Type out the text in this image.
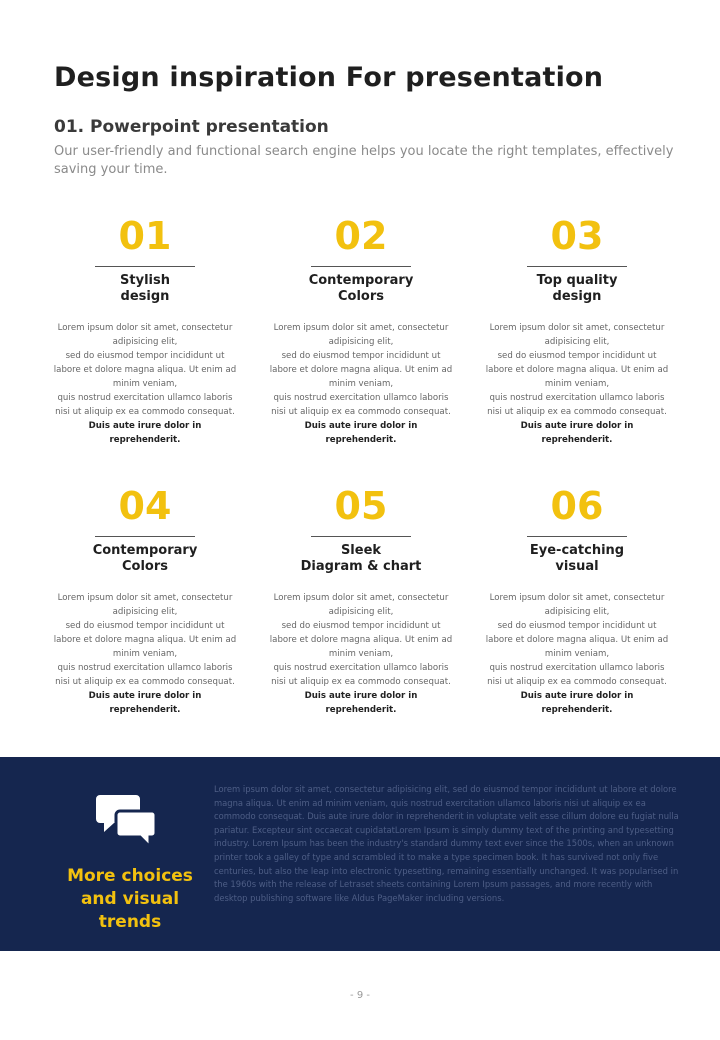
Design inspiration For presentation
01. Powerpoint presentation
Our user-friendly and functional search engine helps you locate the right templates, effectively saving your time.
01
Stylish
design
Lorem ipsum dolor sit amet, consectetur adipisicing elit,
sed do eiusmod tempor incididunt ut labore et dolore magna aliqua. Ut enim ad minim veniam,
quis nostrud exercitation ullamco laboris nisi ut aliquip ex ea commodo consequat.
Duis aute irure dolor in reprehenderit.
02
Contemporary
Colors
Lorem ipsum dolor sit amet, consectetur adipisicing elit,
sed do eiusmod tempor incididunt ut labore et dolore magna aliqua. Ut enim ad minim veniam,
quis nostrud exercitation ullamco laboris nisi ut aliquip ex ea commodo consequat.
Duis aute irure dolor in reprehenderit.
03
Top quality
design
Lorem ipsum dolor sit amet, consectetur adipisicing elit,
sed do eiusmod tempor incididunt ut labore et dolore magna aliqua. Ut enim ad minim veniam,
quis nostrud exercitation ullamco laboris nisi ut aliquip ex ea commodo consequat.
Duis aute irure dolor in reprehenderit.
04
Contemporary
Colors
Lorem ipsum dolor sit amet, consectetur adipisicing elit,
sed do eiusmod tempor incididunt ut labore et dolore magna aliqua. Ut enim ad minim veniam,
quis nostrud exercitation ullamco laboris nisi ut aliquip ex ea commodo consequat.
Duis aute irure dolor in reprehenderit.
05
Sleek
Diagram & chart
Lorem ipsum dolor sit amet, consectetur adipisicing elit,
sed do eiusmod tempor incididunt ut labore et dolore magna aliqua. Ut enim ad minim veniam,
quis nostrud exercitation ullamco laboris nisi ut aliquip ex ea commodo consequat.
Duis aute irure dolor in reprehenderit.
06
Eye-catching
visual
Lorem ipsum dolor sit amet, consectetur adipisicing elit,
sed do eiusmod tempor incididunt ut labore et dolore magna aliqua. Ut enim ad minim veniam,
quis nostrud exercitation ullamco laboris nisi ut aliquip ex ea commodo consequat.
Duis aute irure dolor in reprehenderit.
More choices
and visual trends
Lorem ipsum dolor sit amet, consectetur adipisicing elit, sed do eiusmod tempor incididunt ut labore et dolore magna aliqua. Ut enim ad minim veniam, quis nostrud exercitation ullamco laboris nisi ut aliquip ex ea commodo consequat. Duis aute irure dolor in reprehenderit in voluptate velit esse cillum dolore eu fugiat nulla pariatur. Excepteur sint occaecat cupidatatLorem Ipsum is simply dummy text of the printing and typesetting industry. Lorem Ipsum has been the industry's standard dummy text ever since the 1500s, when an unknown printer took a galley of type and scrambled it to make a type specimen book. It has survived not only five centuries, but also the leap into electronic typesetting, remaining essentially unchanged. It was popularised in the 1960s with the release of Letraset sheets containing Lorem Ipsum passages, and more recently with desktop publishing software like Aldus PageMaker including versions.
- 9 -
